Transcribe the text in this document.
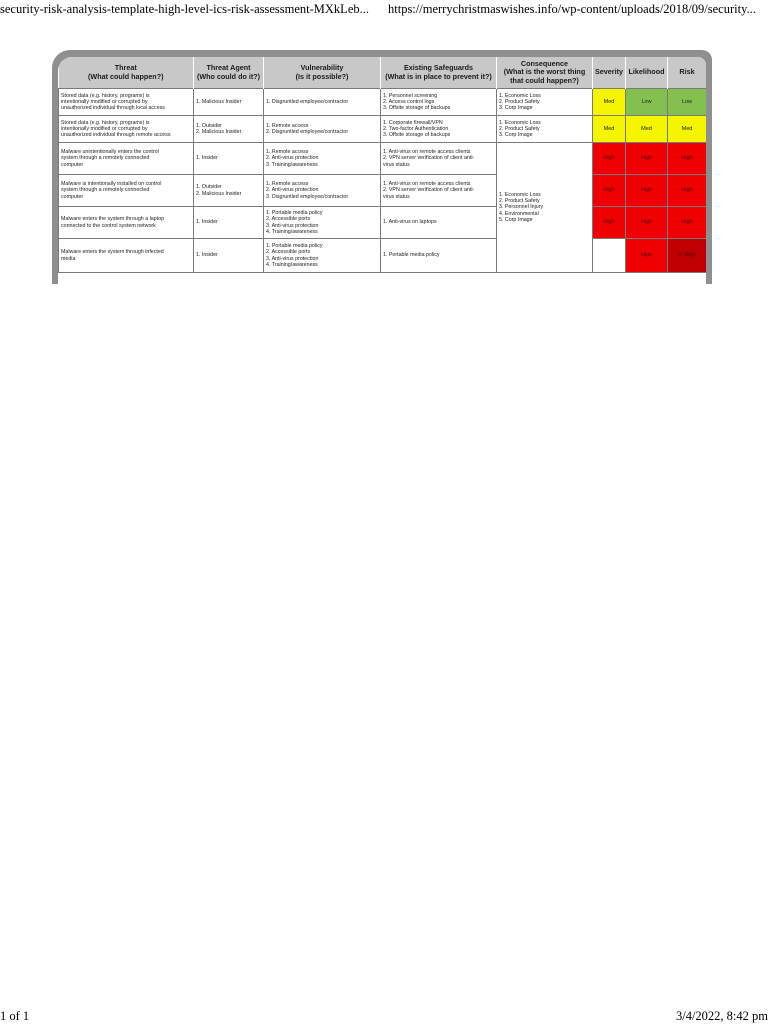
security-risk-analysis-template-high-level-ics-risk-assessment-MXkLeb...	https://merrychristmaswishes.info/wp-content/uploads/2018/09/security...
Threat
(What could happen?)	Threat Agent
(Who could do it?)	Vulnerability
(Is it possible?)	Existing Safeguards
(What is in place to prevent it?)	Consequence
(What is the worst thing that could happen?)	Severity	Likelihood	Risk	

Stored data (e.g. history, programs) is
intentionally modified or corrupted by
unauthorized individual through local access	1. Malicious Insider	1. Disgruntled employee/contractor	1. Personnel screening
2. Access control logs
3. Offsite storage of backups	1. Economic Loss
2. Product Safety
3. Corp Image	Med	Low	Low	

Stored data (e.g. history, programs) is
intentionally modified or corrupted by
unauthorized individual through remote access	1. Outsider
2. Malicious Insider	1. Remote access
2. Disgruntled employee/contractor	1. Corporate firewall/VPN
2. Two-factor Authentication
3. Offsite storage of backups	1. Economic Loss
2. Product Safety
3. Corp Image	Med	Med	Med	

Malware unintentionally enters the control
system through a remotely connected
computer	1. Insider	1. Remote access
2. Anti-virus protection
3. Training/awareness	1. Anti-virus on remote access clients
2. VPN server verification of client anti-
virus status	1. Economic Loss
2. Product Safety
3. Personnel Injury
4. Environmental
5. Corp Image	High	High	High	

Malware is intentionally installed on control
system through a remotely connected
computer	1. Outsider
2. Malicious Insider	1. Remote access
2. Anti-virus protection
3. Disgruntled employee/contractor	1. Anti-virus on remote access clients
2. VPN server verification of client anti-
virus status		High	High	High	

Malware enters the system through a laptop
connected to the control system network	1. Insider	1. Portable media policy
2. Accessible ports
3. Anti-virus protection
4. Training/awareness	1. Anti-virus on laptops		High	High	High	

Malware enters the system through infected
media	1. Insider	1. Portable media policy
2. Accessible ports
3. Anti-virus protection
4. Training/awareness	1. Portable media policy			High	V. High	
1 of 1	3/4/2022, 8:42 pm
